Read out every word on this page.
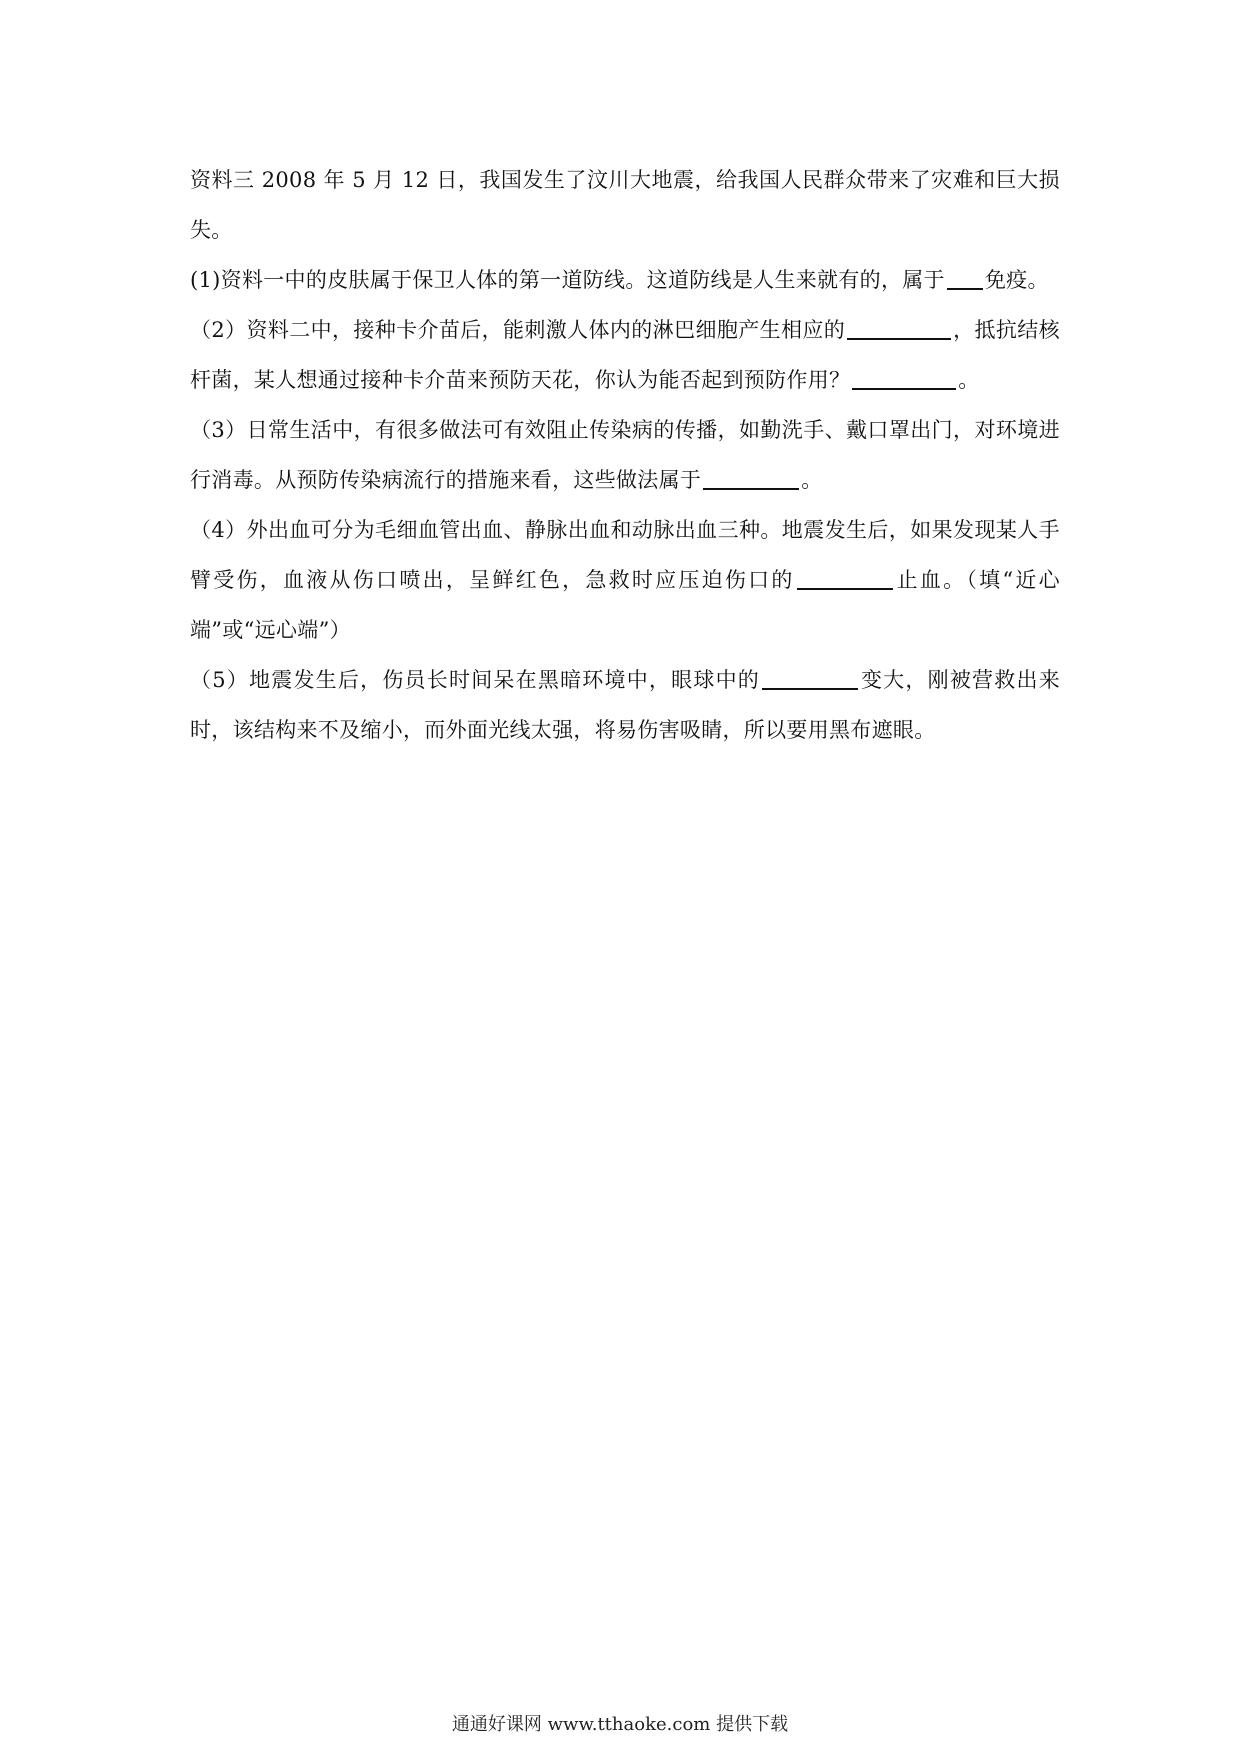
资料三 2008 年 5 月 12 日，我国发生了汶川大地震，给我国人民群众带来了灾难和巨大损失。

(1)资料一中的皮肤属于保卫人体的第一道防线。这道防线是人生来就有的，属于 免疫。

（2）资料二中，接种卡介苗后，能刺激人体内的淋巴细胞产生相应的	，抵抗结核杆菌，某人想通过接种卡介苗来预防天花，你认为能否起到预防作用？	。

（3）日常生活中，有很多做法可有效阻止传染病的传播，如勤洗手、戴口罩出门，对环境进行消毒。从预防传染病流行的措施来看，这些做法属于	。

（4）外出血可分为毛细血管出血、静脉出血和动脉出血三种。地震发生后，如果发现某人手臂受伤，血液从伤口喷出，呈鲜红色，急救时应压迫伤口的	止血。（填“近心端”或“远心端”）

（5）地震发生后，伤员长时间呆在黑暗环境中，眼球中的	变大，刚被营救出来时，该结构来不及缩小，而外面光线太强，将易伤害吸睛，所以要用黑布遮眼。

通通好课网 www.tthaoke.com 提供下载
